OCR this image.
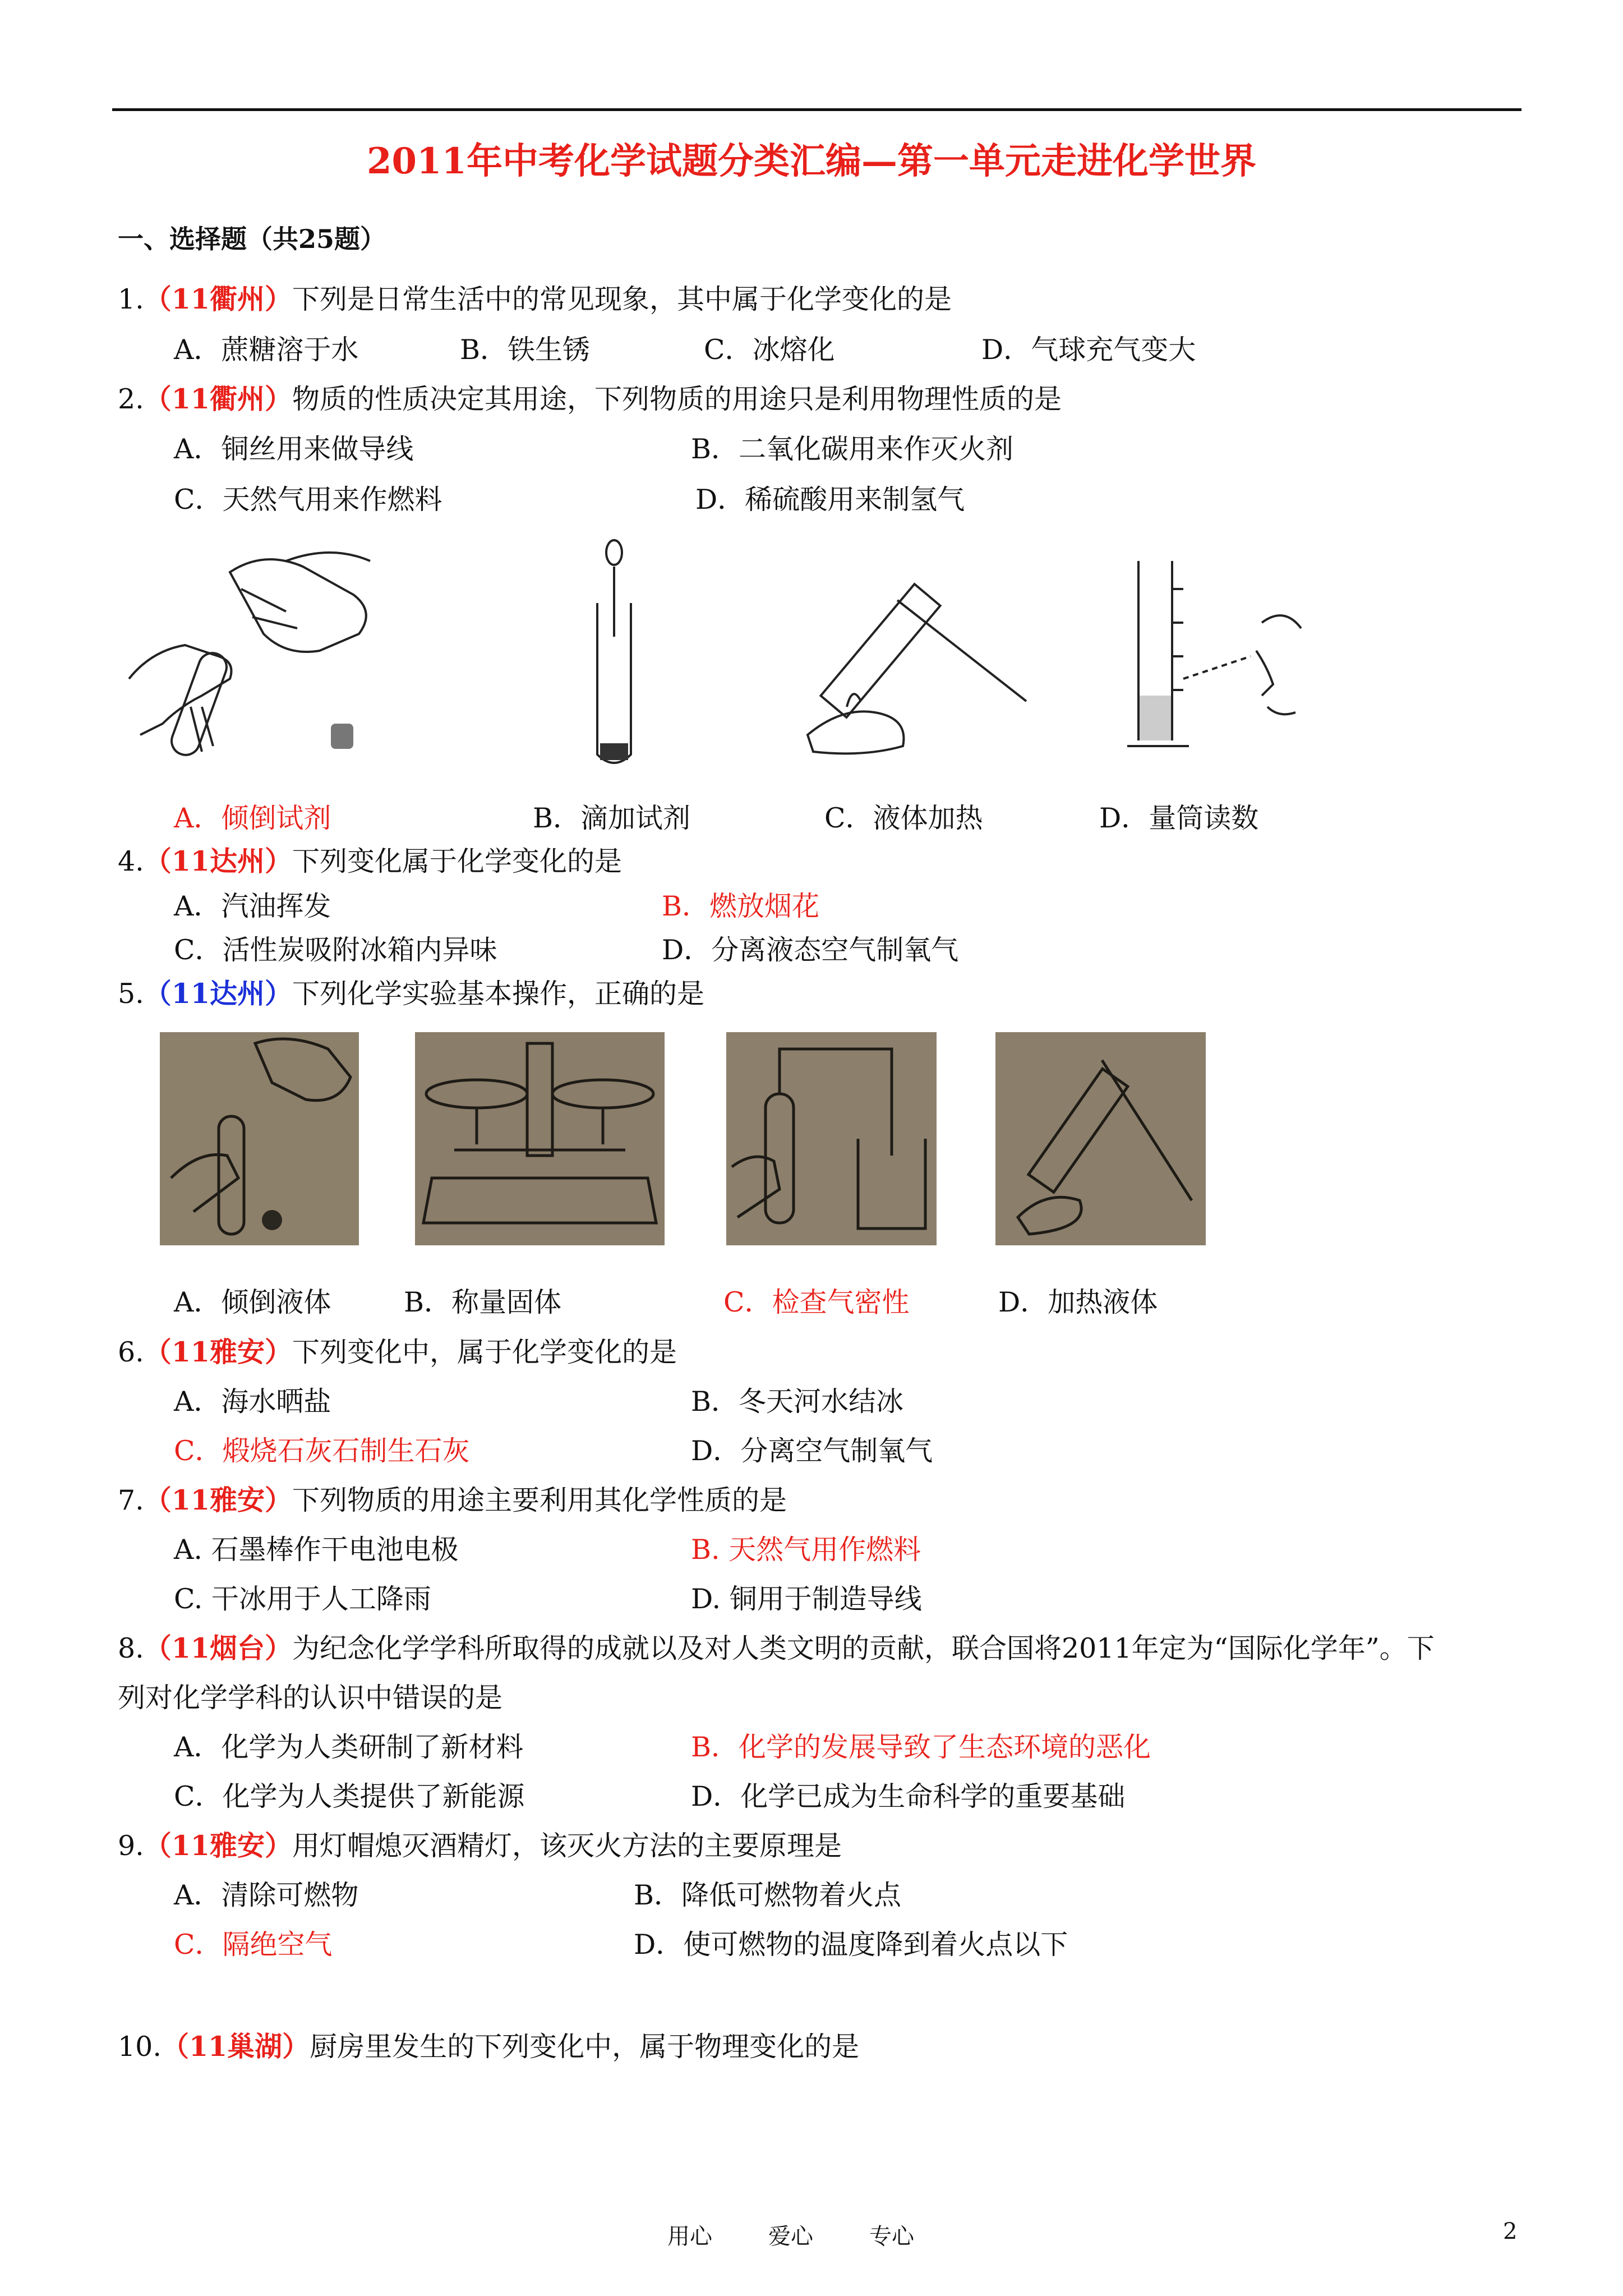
2011年中考化学试题分类汇编—第一单元走进化学世界
一、选择题（共25题）
1.（11衢州）下列是日常生活中的常见现象，其中属于化学变化的是
A．蔗糖溶于水	B．铁生锈	C．冰熔化	D．气球充气变大
2.（11衢州）物质的性质决定其用途，下列物质的用途只是利用物理性质的是
A．铜丝用来做导线	B．二氧化碳用来作灭火剂
C．天然气用来作燃料	D．稀硫酸用来制氢气
A．倾倒试剂	B．滴加试剂	C．液体加热	D．量筒读数
4.（11达州）下列变化属于化学变化的是
A．汽油挥发	B．燃放烟花
C．活性炭吸附冰箱内异味	D．分离液态空气制氧气
5.（11达州）下列化学实验基本操作，正确的是
A．倾倒液体	B．称量固体	C．检查气密性	D．加热液体
6.（11雅安）下列变化中，属于化学变化的是
A．海水晒盐	B．冬天河水结冰
C．煅烧石灰石制生石灰	D．分离空气制氧气
7.（11雅安）下列物质的用途主要利用其化学性质的是
A. 石墨棒作干电池电极	B. 天然气用作燃料
C. 干冰用于人工降雨	D. 铜用于制造导线
8.（11烟台）为纪念化学学科所取得的成就以及对人类文明的贡献，联合国将2011年定为“国际化学年”。下
列对化学学科的认识中错误的是
A．化学为人类研制了新材料	B．化学的发展导致了生态环境的恶化
C．化学为人类提供了新能源	D．化学已成为生命科学的重要基础
9.（11雅安）用灯帽熄灭酒精灯，该灭火方法的主要原理是
A．清除可燃物	B．降低可燃物着火点
C．隔绝空气	D．使可燃物的温度降到着火点以下
10.（11巢湖）厨房里发生的下列变化中，属于物理变化的是
用心	爱心	专心	2
